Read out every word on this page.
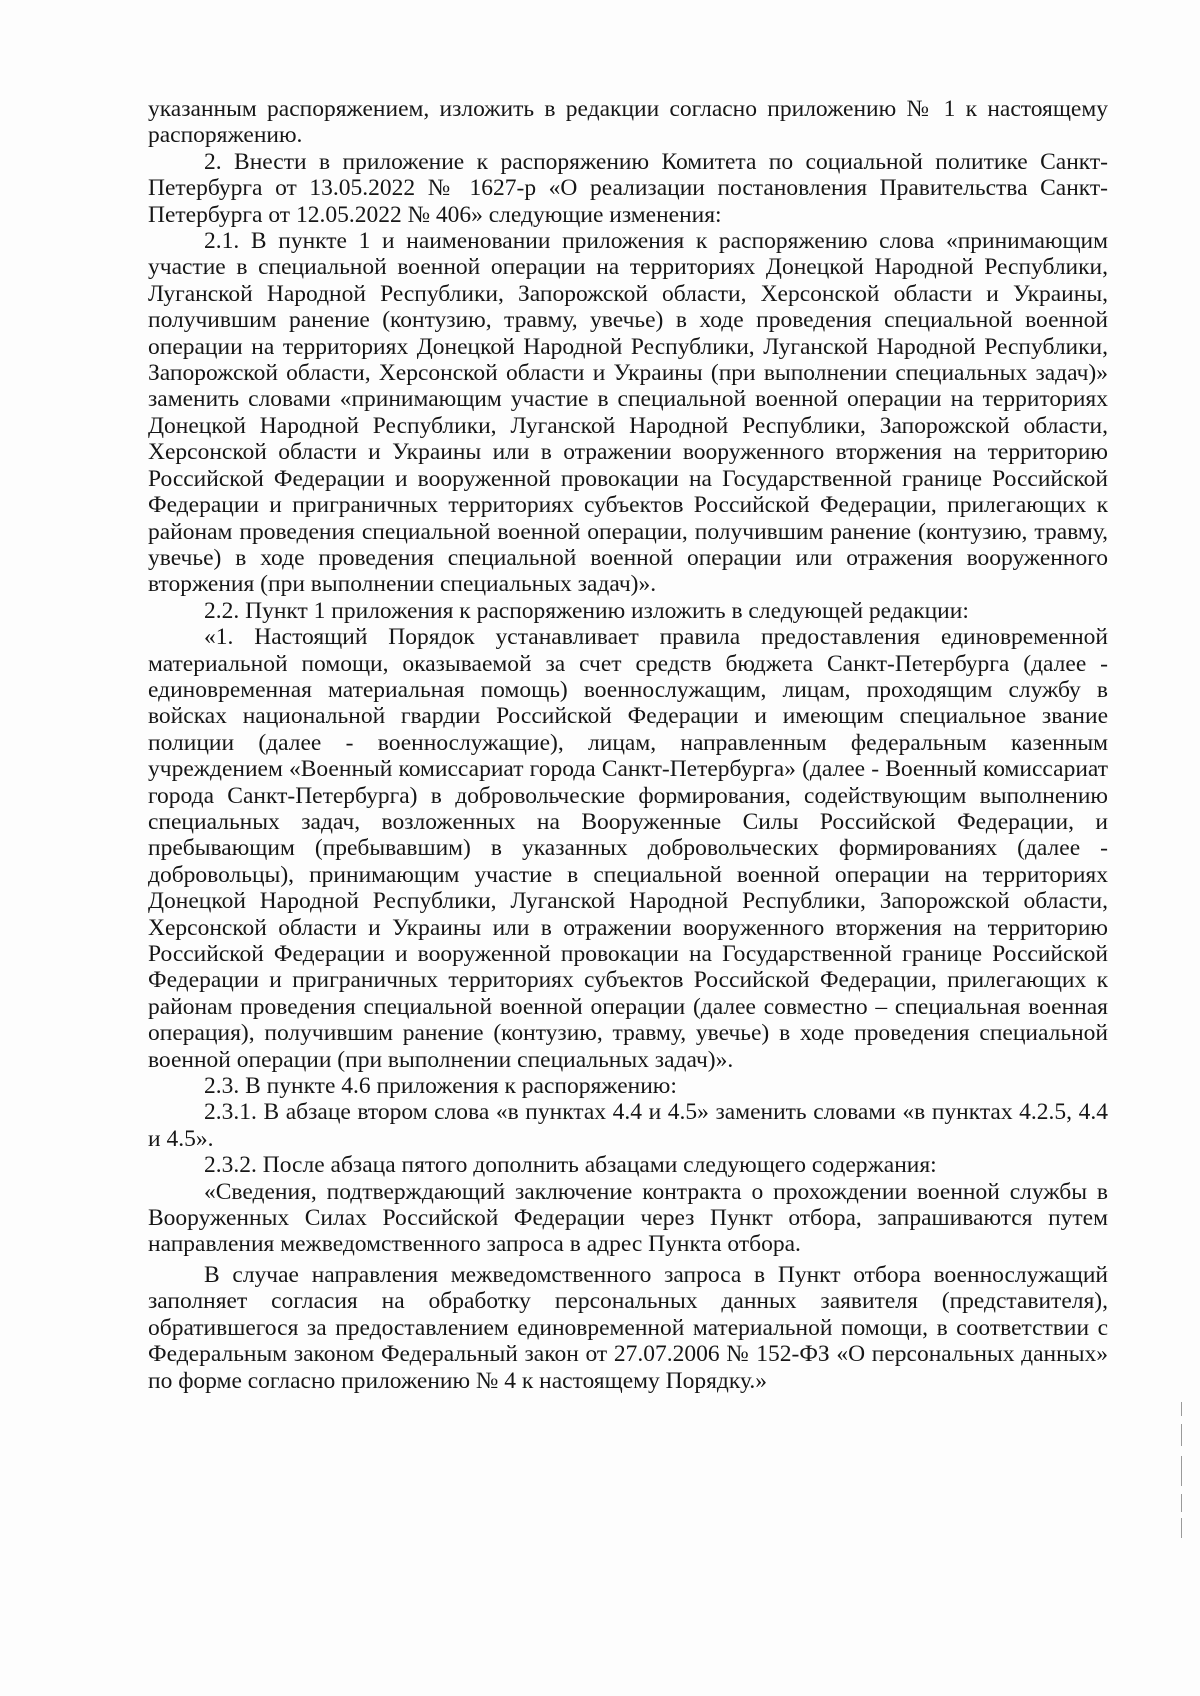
указанным распоряжением, изложить в редакции согласно приложению № 1 к настоящему распоряжению.

2. Внести в приложение к распоряжению Комитета по социальной политике Санкт-Петербурга от 13.05.2022 № 1627-р «О реализации постановления Правительства Санкт-Петербурга от 12.05.2022 № 406» следующие изменения:

2.1. В пункте 1 и наименовании приложения к распоряжению слова «принимающим участие в специальной военной операции на территориях Донецкой Народной Республики, Луганской Народной Республики, Запорожской области, Херсонской области и Украины, получившим ранение (контузию, травму, увечье) в ходе проведения специальной военной операции на территориях Донецкой Народной Республики, Луганской Народной Республики, Запорожской области, Херсонской области и Украины (при выполнении специальных задач)» заменить словами «принимающим участие в специальной военной операции на территориях Донецкой Народной Республики, Луганской Народной Республики, Запорожской области, Херсонской области и Украины или в отражении вооруженного вторжения на территорию Российской Федерации и вооруженной провокации на Государственной границе Российской Федерации и приграничных территориях субъектов Российской Федерации, прилегающих к районам проведения специальной военной операции, получившим ранение (контузию, травму, увечье) в ходе проведения специальной военной операции или отражения вооруженного вторжения (при выполнении специальных задач)».

2.2. Пункт 1 приложения к распоряжению изложить в следующей редакции:

«1. Настоящий Порядок устанавливает правила предоставления единовременной материальной помощи, оказываемой за счет средств бюджета Санкт-Петербурга (далее - единовременная материальная помощь) военнослужащим, лицам, проходящим службу в войсках национальной гвардии Российской Федерации и имеющим специальное звание полиции (далее - военнослужащие), лицам, направленным федеральным казенным учреждением «Военный комиссариат города Санкт-Петербурга» (далее - Военный комиссариат города Санкт-Петербурга) в добровольческие формирования, содействующим выполнению специальных задач, возложенных на Вооруженные Силы Российской Федерации, и пребывающим (пребывавшим) в указанных добровольческих формированиях (далее - добровольцы), принимающим участие в специальной военной операции на территориях Донецкой Народной Республики, Луганской Народной Республики, Запорожской области, Херсонской области и Украины или в отражении вооруженного вторжения на территорию Российской Федерации и вооруженной провокации на Государственной границе Российской Федерации и приграничных территориях субъектов Российской Федерации, прилегающих к районам проведения специальной военной операции (далее совместно – специальная военная операция), получившим ранение (контузию, травму, увечье) в ходе проведения специальной военной операции (при выполнении специальных задач)».

2.3. В пункте 4.6 приложения к распоряжению:

2.3.1. В абзаце втором слова «в пунктах 4.4 и 4.5» заменить словами «в пунктах 4.2.5, 4.4 и 4.5».

2.3.2. После абзаца пятого дополнить абзацами следующего содержания:

«Сведения, подтверждающий заключение контракта о прохождении военной службы в Вооруженных Силах Российской Федерации через Пункт отбора, запрашиваются путем направления межведомственного запроса в адрес Пункта отбора.

В случае направления межведомственного запроса в Пункт отбора военнослужащий заполняет согласия на обработку персональных данных заявителя (представителя), обратившегося за предоставлением единовременной материальной помощи, в соответствии с Федеральным законом Федеральный закон от 27.07.2006 № 152-ФЗ «О персональных данных» по форме согласно приложению № 4 к настоящему Порядку.»
